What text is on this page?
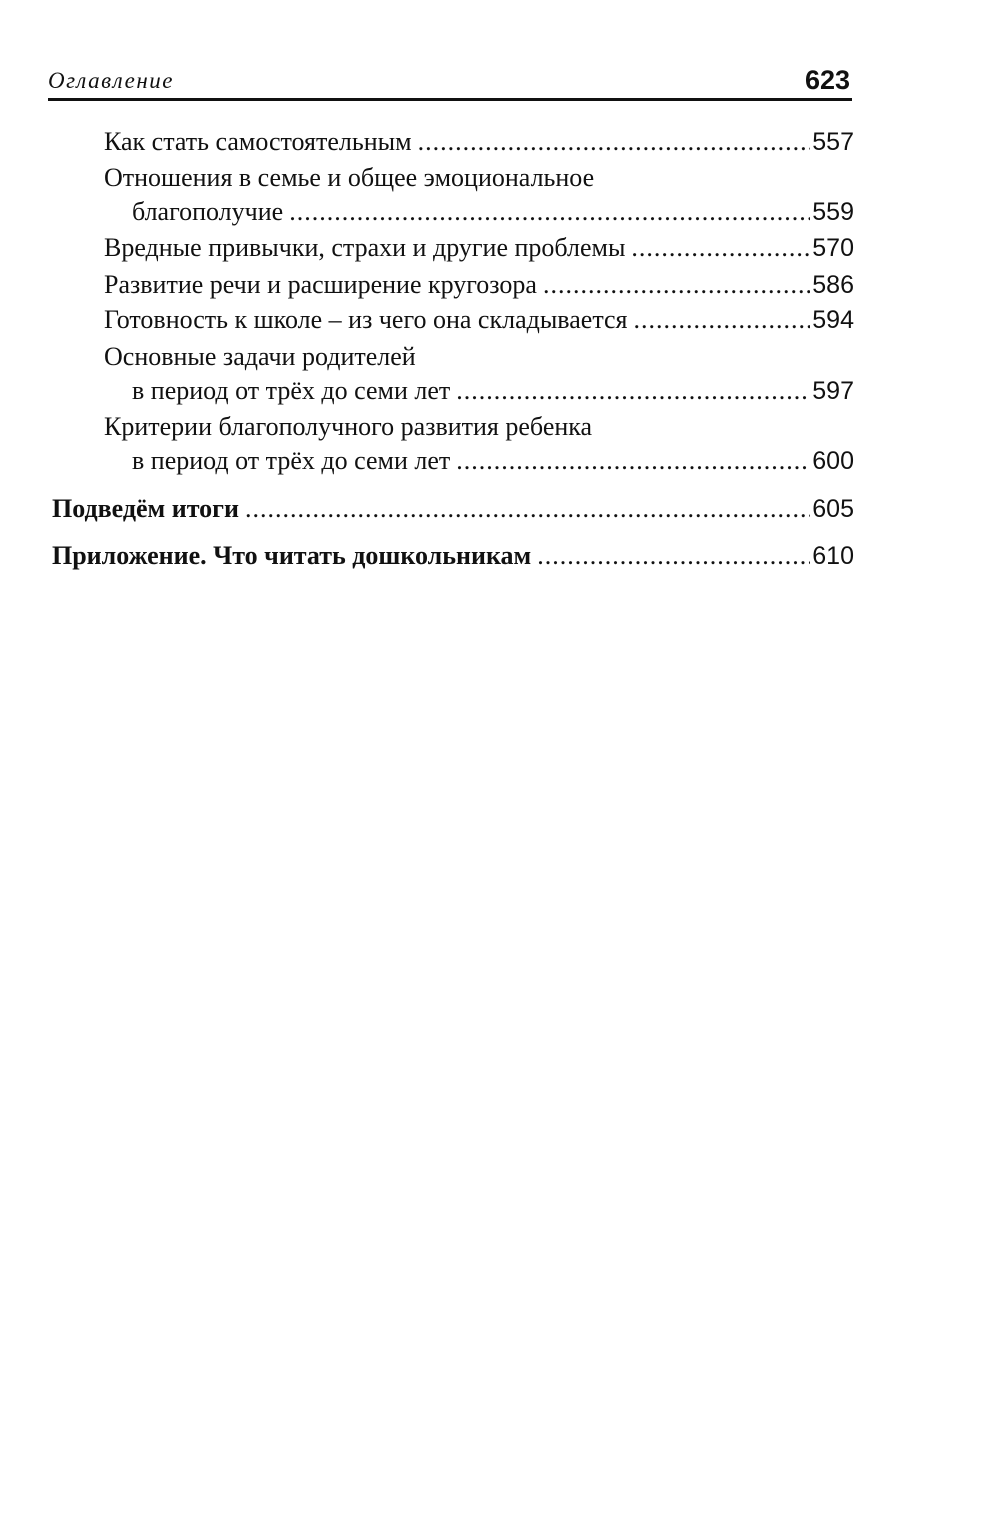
Оглавление	623
Как стать самостоятельным .....	557
Отношения в семье и общее эмоциональное
благополучие .....	559
Вредные привычки, страхи и другие проблемы .....	570
Развитие речи и расширение кругозора .....	586
Готовность к школе – из чего она складывается .....	594
Основные задачи родителей
в период от трёх до семи лет .....	597
Критерии благополучного развития ребенка
в период от трёх до семи лет .....	600
Подведём итоги .....	605
Приложение. Что читать дошкольникам .....	610
